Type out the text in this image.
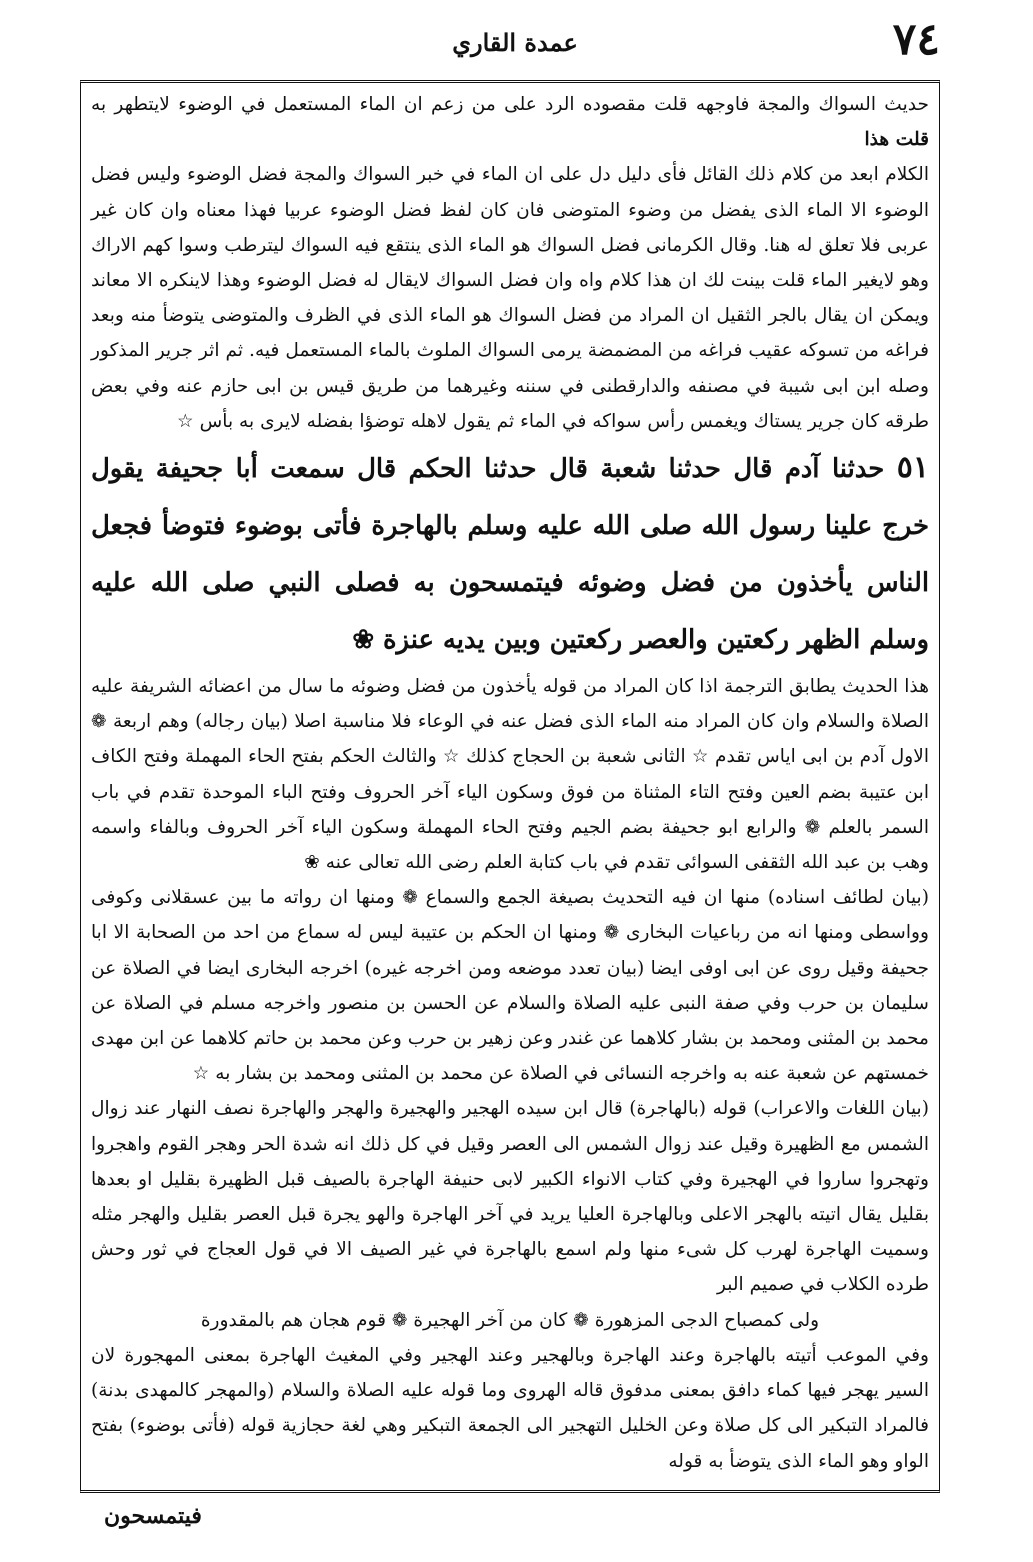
عمدة القاري	٧٤

حديث السواك والمجة فاوجهه قلت مقصوده الرد على من زعم ان الماء المستعمل في الوضوء لايتطهر به قلت هذا

الكلام ابعد من كلام ذلك القائل فأى دليل دل على ان الماء في خبر السواك والمجة فضل الوضوء وليس فضل الوضوء الا الماء الذى يفضل من وضوء المتوضى فان كان لفظ فضل الوضوء عربيا فهذا معناه وان كان غير عربى فلا تعلق له هنا. وقال الكرمانى فضل السواك هو الماء الذى ينتقع فيه السواك ليترطب وسوا كهم الاراك وهو لايغير الماء قلت بينت لك ان هذا كلام واه وان فضل السواك لايقال له فضل الوضوء وهذا لاينكره الا معاند ويمكن ان يقال بالجر الثقيل ان المراد من فضل السواك هو الماء الذى في الظرف والمتوضى يتوضأ منه وبعد فراغه من تسوكه عقيب فراغه من المضمضة يرمى السواك الملوث بالماء المستعمل فيه. ثم اثر جرير المذكور وصله ابن ابى شيبة في مصنفه والدارقطنى في سننه وغيرهما من طريق قيس بن ابى حازم عنه وفي بعض طرقه كان جرير يستاك ويغمس رأس سواكه في الماء ثم يقول لاهله توضؤا بفضله لايرى به بأس ☆

٥١ حدثنا آدم قال حدثنا شعبة قال حدثنا الحكم قال سمعت أبا جحيفة يقول خرج علينا رسول الله صلى الله عليه وسلم بالهاجرة فأتى بوضوء فتوضأ فجعل الناس يأخذون من فضل وضوئه فيتمسحون به فصلى النبي صلى الله عليه وسلم الظهر ركعتين والعصر ركعتين وبين يديه عنزة ❀

هذا الحديث يطابق الترجمة اذا كان المراد من قوله يأخذون من فضل وضوئه ما سال من اعضائه الشريفة عليه الصلاة والسلام وان كان المراد منه الماء الذى فضل عنه في الوعاء فلا مناسبة اصلا (بيان رجاله) وهم اربعة ❁ الاول آدم بن ابى اياس تقدم ☆ الثانى شعبة بن الحجاج كذلك ☆ والثالث الحكم بفتح الحاء المهملة وفتح الكاف ابن عتيبة بضم العين وفتح التاء المثناة من فوق وسكون الياء آخر الحروف وفتح الباء الموحدة تقدم في باب السمر بالعلم ❁ والرابع ابو جحيفة بضم الجيم وفتح الحاء المهملة وسكون الياء آخر الحروف وبالفاء واسمه وهب بن عبد الله الثقفى السوائى تقدم في باب كتابة العلم رضى الله تعالى عنه ❀

(بيان لطائف اسناده) منها ان فيه التحديث بصيغة الجمع والسماع ❁ ومنها ان رواته ما بين عسقلانى وكوفى وواسطى ومنها انه من رباعيات البخارى ❁ ومنها ان الحكم بن عتيبة ليس له سماع من احد من الصحابة الا ابا جحيفة وقيل روى عن ابى اوفى ايضا (بيان تعدد موضعه ومن اخرجه غيره) اخرجه البخارى ايضا في الصلاة عن سليمان بن حرب وفي صفة النبى عليه الصلاة والسلام عن الحسن بن منصور واخرجه مسلم في الصلاة عن محمد بن المثنى ومحمد بن بشار كلاهما عن غندر وعن زهير بن حرب وعن محمد بن حاتم كلاهما عن ابن مهدى خمستهم عن شعبة عنه به واخرجه النسائى في الصلاة عن محمد بن المثنى ومحمد بن بشار به ☆

(بيان اللغات والاعراب) قوله (بالهاجرة) قال ابن سيده الهجير والهجيرة والهجر والهاجرة نصف النهار عند زوال الشمس مع الظهيرة وقيل عند زوال الشمس الى العصر وقيل في كل ذلك انه شدة الحر وهجر القوم واهجروا وتهجروا ساروا في الهجيرة وفي كتاب الانواء الكبير لابى حنيفة الهاجرة بالصيف قبل الظهيرة بقليل او بعدها بقليل يقال اتيته بالهجر الاعلى وبالهاجرة العليا يريد في آخر الهاجرة والهو يجرة قبل العصر بقليل والهجر مثله وسميت الهاجرة لهرب كل شىء منها ولم اسمع بالهاجرة في غير الصيف الا في قول العجاج في ثور وحش طرده الكلاب في صميم البر

ولى كمصباح الدجى المزهورة ❁ كان من آخر الهجيرة ❁ قوم هجان هم بالمقدورة

وفي الموعب أتيته بالهاجرة وعند الهاجرة وبالهجير وعند الهجير وفي المغيث الهاجرة بمعنى المهجورة لان السير يهجر فيها كماء دافق بمعنى مدفوق قاله الهروى وما قوله عليه الصلاة والسلام (والمهجر كالمهدى بدنة) فالمراد التبكير الى كل صلاة وعن الخليل التهجير الى الجمعة التبكير وهي لغة حجازية قوله (فأتى بوضوء) بفتح الواو وهو الماء الذى يتوضأ به قوله

فيتمسحون
